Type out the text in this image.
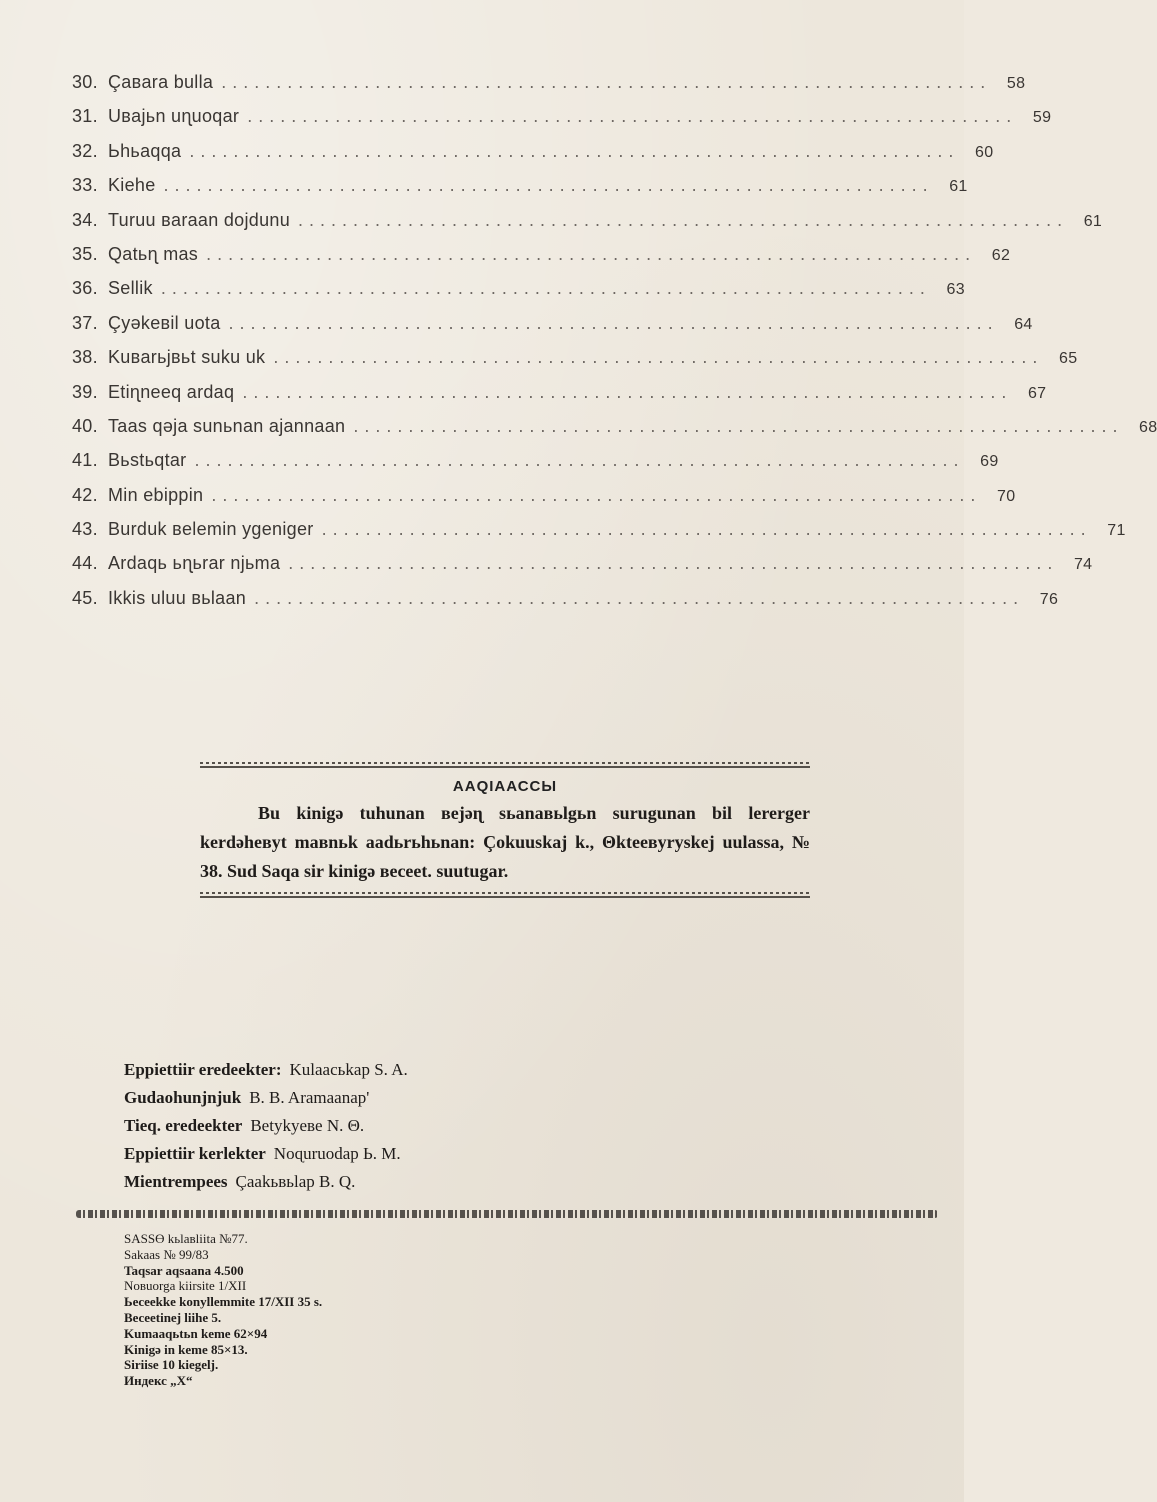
30. Çaʙara bulla ...................................................................... 58
31. Uʙajьn uɳuoqar ...................................................................... 59
32. Ьhьaqqa ...................................................................... 60
33. Kiehe ...................................................................... 61
34. Turuu ʙaraan dojdunu ...................................................................... 61
35. Qatьɳ mas ...................................................................... 62
36. Sellik ...................................................................... 63
37. Çyəkeʙil uota ...................................................................... 64
38. Kuʙarьjʙьt suku uk ...................................................................... 65
39. Etiɳneeq ardaq ...................................................................... 67
40. Taas qəja sunьnan ajannaan ...................................................................... 68
41. Bьstьqtar ...................................................................... 69
42. Min ebippin ...................................................................... 70
43. Burduk ʙelemin ygeniger ...................................................................... 71
44. Ardaqь ьɳьrar njьma ...................................................................... 74
45. Ikkis uluu ʙьlaan ...................................................................... 76
ААQIААССЫ

Bu kinigə tuhunan ʙejəɳ sьanaʙьlgьn surugunan bil lererger kerdəheʙyt maʙnьk aadьrьhьnan: Çokuuskaj k., Θkteeʙyryskej uulassa, № 38. Sud Saqa sir kinigə ʙeceet. suutugar.

Eppiettiir eredeekter: Kulaacьkap S. A.
Gudaohunjnjuk B. B. Aramaanap'
Tieq. eredeekter Betykyeʙe N. Θ.
Eppiettiir kerlekter Noɋuruodap Ь. M.
Mientrempees Çaakьʙьlap B. Q.
SASSƟ kьlaʙliita №77.
Sakaas № 99/83
Taqsar aqsaana 4.500
Noʙuorga kiirsite 1/XII
Ьeceekke konyllemmite 17/XII 35 s.
Beceetinej liihe 5.
Kumaaqьtьn keme 62×94
Kinigə in keme 85×13.
Siriise 10 kiegelj.
Индекс „X“
